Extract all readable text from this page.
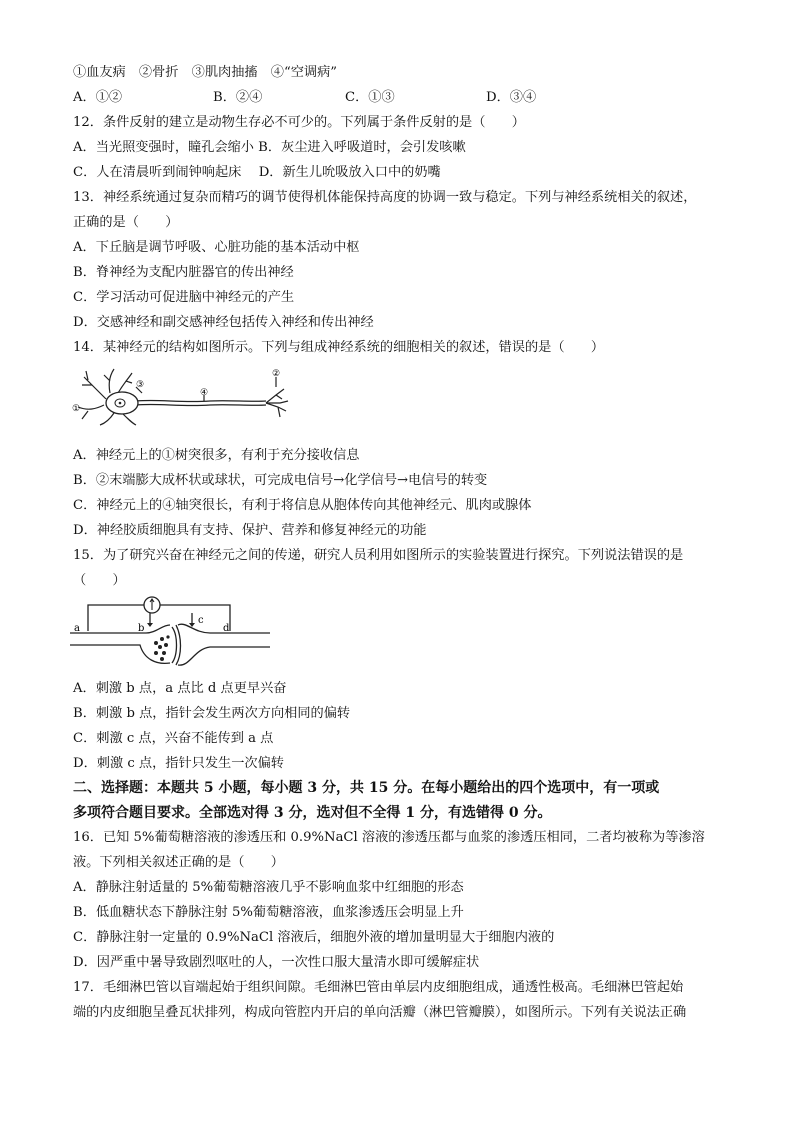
①血友病　②骨折　③肌肉抽搐　④“空调病”
A．①②	B．②④	C．①③	D．③④
12．条件反射的建立是动物生存必不可少的。下列属于条件反射的是（　　）
A．当光照变强时，瞳孔会缩小 B．灰尘进入呼吸道时，会引发咳嗽
C．人在清晨听到闹钟响起床　 D．新生儿吮吸放入口中的奶嘴
13．神经系统通过复杂而精巧的调节使得机体能保持高度的协调一致与稳定。下列与神经系统相关的叙述，
正确的是（　　）
A．下丘脑是调节呼吸、心脏功能的基本活动中枢
B．脊神经为支配内脏器官的传出神经
C．学习活动可促进脑中神经元的产生
D．交感神经和副交感神经包括传入神经和传出神经
14．某神经元的结构如图所示。下列与组成神经系统的细胞相关的叙述，错误的是（　　）
①
②
③
④
A．神经元上的①树突很多，有利于充分接收信息
B．②末端膨大成杯状或球状，可完成电信号→化学信号→电信号的转变
C．神经元上的④轴突很长，有利于将信息从胞体传向其他神经元、肌肉或腺体
D．神经胶质细胞具有支持、保护、营养和修复神经元的功能
15．为了研究兴奋在神经元之间的传递，研究人员利用如图所示的实验装置进行探究。下列说法错误的是
（　　）
a	b
c
d
A．刺激 b 点，a 点比 d 点更早兴奋
B．刺激 b 点，指针会发生两次方向相同的偏转
C．刺激 c 点，兴奋不能传到 a 点
D．刺激 c 点，指针只发生一次偏转
二、选择题：本题共 5 小题，每小题 3 分，共 15 分。在每小题给出的四个选项中，有一项或
多项符合题目要求。全部选对得 3 分，选对但不全得 1 分，有选错得 0 分。
16．已知 5%葡萄糖溶液的渗透压和 0.9%NaCl 溶液的渗透压都与血浆的渗透压相同，二者均被称为等渗溶
液。下列相关叙述正确的是（　　）
A．静脉注射适量的 5%葡萄糖溶液几乎不影响血浆中红细胞的形态
B．低血糖状态下静脉注射 5%葡萄糖溶液，血浆渗透压会明显上升
C．静脉注射一定量的 0.9%NaCl 溶液后，细胞外液的增加量明显大于细胞内液的
D．因严重中暑导致剧烈呕吐的人，一次性口服大量清水即可缓解症状
17．毛细淋巴管以盲端起始于组织间隙。毛细淋巴管由单层内皮细胞组成，通透性极高。毛细淋巴管起始
端的内皮细胞呈叠瓦状排列，构成向管腔内开启的单向活瓣（淋巴管瓣膜），如图所示。下列有关说法正确
